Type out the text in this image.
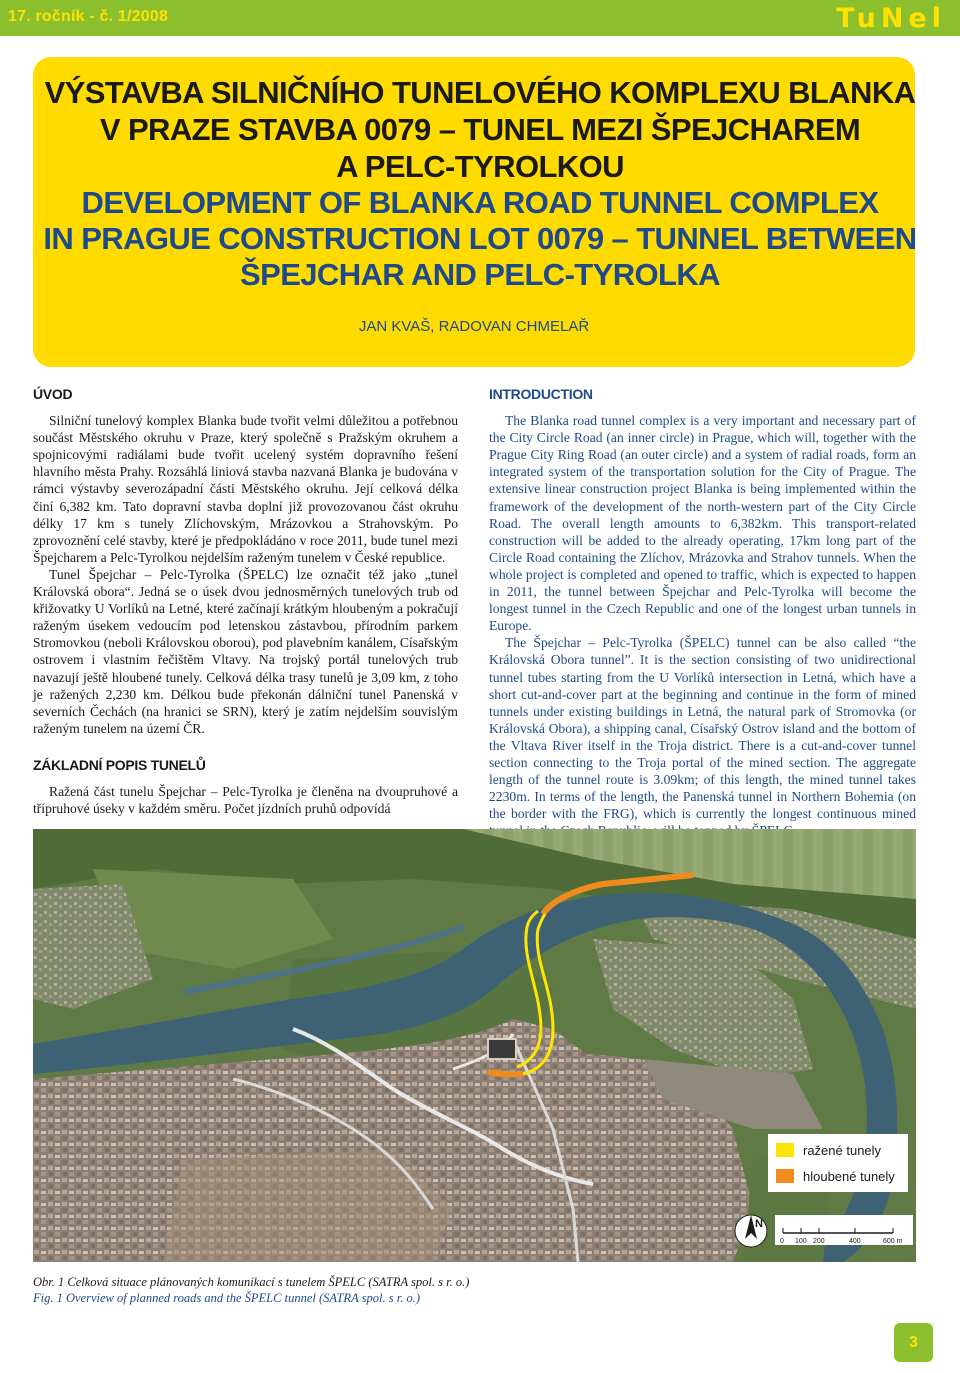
17. ročník - č. 1/2008	TuNel
VÝSTAVBA SILNIČNÍHO TUNELOVÉHO KOMPLEXU BLANKA
V PRAZE STAVBA 0079 – TUNEL MEZI ŠPEJCHAREM
A PELC-TYROLKOU
DEVELOPMENT OF BLANKA ROAD TUNNEL COMPLEX
IN PRAGUE CONSTRUCTION LOT 0079 – TUNNEL BETWEEN
ŠPEJCHAR AND PELC-TYROLKA
JAN KVAŠ, RADOVAN CHMELAŘ
ÚVOD

Silniční tunelový komplex Blanka bude tvořit velmi důležitou a potřebnou součást Městského okruhu v Praze, který společně s Pražským okruhem a spojnicovými radiálami bude tvořit ucelený systém dopravního řešení hlavního města Prahy. Rozsáhlá liniová stavba nazvaná Blanka je budována v rámci výstavby severozápadní části Městského okruhu. Její celková délka činí 6,382 km. Tato dopravní stavba doplní již provozovanou část okruhu délky 17 km s tunely Zlíchovským, Mrázovkou a Strahovským. Po zprovoznění celé stavby, které je předpokládáno v roce 2011, bude tunel mezi Špejcharem a Pelc-Tyrolkou nejdelším raženým tunelem v České republice.

Tunel Špejchar – Pelc-Tyrolka (ŠPELC) lze označit též jako „tunel Královská obora“. Jedná se o úsek dvou jednosměrných tunelových trub od křižovatky U Vorlíků na Letné, které začínají krátkým hloubeným a pokračují raženým úsekem vedoucím pod letenskou zástavbou, přírodním parkem Stromovkou (neboli Královskou oborou), pod plavebním kanálem, Císařským ostrovem i vlastním řečištěm Vltavy. Na trojský portál tunelových trub navazují ještě hloubené tunely. Celková délka trasy tunelů je 3,09 km, z toho je ražených 2,230 km. Délkou bude překonán dálniční tunel Panenská v severních Čechách (na hranici se SRN), který je zatím nejdelším souvislým raženým tunelem na území ČR.

ZÁKLADNÍ POPIS TUNELŮ

Ražená část tunelu Špejchar – Pelc-Tyrolka je členěna na dvoupruhové a třípruhové úseky v každém směru. Počet jízdních pruhů odpovídá

INTRODUCTION

The Blanka road tunnel complex is a very important and necessary part of the City Circle Road (an inner circle) in Prague, which will, together with the Prague City Ring Road (an outer circle) and a system of radial roads, form an integrated system of the transportation solution for the City of Prague. The extensive linear construction project Blanka is being implemented within the framework of the development of the north-western part of the City Circle Road. The overall length amounts to 6,382km. This transport-related construction will be added to the already operating, 17km long part of the Circle Road containing the Zlíchov, Mrázovka and Strahov tunnels. When the whole project is completed and opened to traffic, which is expected to happen in 2011, the tunnel between Špejchar and Pelc-Tyrolka will become the longest tunnel in the Czech Republic and one of the longest urban tunnels in Europe.

The Špejchar – Pelc-Tyrolka (ŠPELC) tunnel can be also called “the Královská Obora tunnel”. It is the section consisting of two unidirectional tunnel tubes starting from the U Vorlíků intersection in Letná, which have a short cut-and-cover part at the beginning and continue in the form of mined tunnels under existing buildings in Letná, the natural park of Stromovka (or Královská Obora), a shipping canal, Císařský Ostrov island and the bottom of the Vltava River itself in the Troja district. There is a cut-and-cover tunnel section connecting to the Troja portal of the mined section. The aggregate length of the tunnel route is 3.09km; of this length, the mined tunnel takes 2230m. In terms of the length, the Panenská tunnel in Northern Bohemia (on the border with the FRG), which is currently the longest continuous mined

ražené tunely
hloubené tunely
N
0 100 200	400	600 m
Obr. 1 Celková situace plánovaných komunikací s tunelem ŠPELC (SATRA spol. s r. o.)
Fig. 1 Overview of planned roads and the ŠPELC tunnel (SATRA spol. s r. o.)
3
